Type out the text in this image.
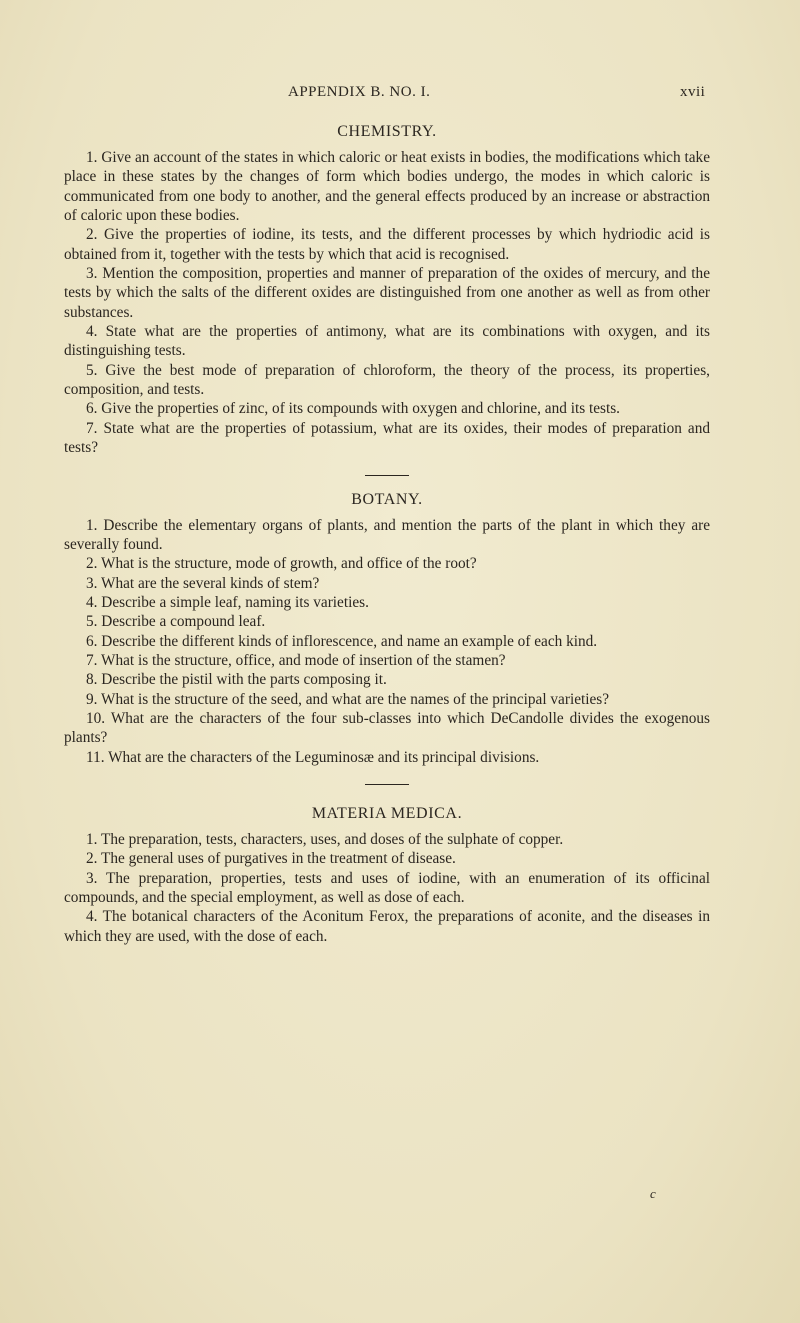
APPENDIX B. NO. I.	xvii
CHEMISTRY.

1. Give an account of the states in which caloric or heat exists in bodies, the modifications which take place in these states by the changes of form which bodies undergo, the modes in which caloric is communicated from one body to another, and the general effects produced by an increase or abstraction of caloric upon these bodies.

2. Give the properties of iodine, its tests, and the different processes by which hydriodic acid is obtained from it, together with the tests by which that acid is recognised.

3. Mention the composition, properties and manner of preparation of the oxides of mercury, and the tests by which the salts of the different oxides are distinguished from one another as well as from other substances.

4. State what are the properties of antimony, what are its combinations with oxygen, and its distinguishing tests.

5. Give the best mode of preparation of chloroform, the theory of the process, its properties, composition, and tests.

6. Give the properties of zinc, of its compounds with oxygen and chlorine, and its tests.

7. State what are the properties of potassium, what are its oxides, their modes of preparation and tests?

BOTANY.

1. Describe the elementary organs of plants, and mention the parts of the plant in which they are severally found.

2. What is the structure, mode of growth, and office of the root?

3. What are the several kinds of stem?

4. Describe a simple leaf, naming its varieties.

5. Describe a compound leaf.

6. Describe the different kinds of inflorescence, and name an example of each kind.

7. What is the structure, office, and mode of insertion of the stamen?

8. Describe the pistil with the parts composing it.

9. What is the structure of the seed, and what are the names of the principal varieties?

10. What are the characters of the four sub-classes into which DeCandolle divides the exogenous plants?

11. What are the characters of the Leguminosæ and its principal divisions.

MATERIA MEDICA.

1. The preparation, tests, characters, uses, and doses of the sulphate of copper.

2. The general uses of purgatives in the treatment of disease.

3. The preparation, properties, tests and uses of iodine, with an enumeration of its officinal compounds, and the special employment, as well as dose of each.

4. The botanical characters of the Aconitum Ferox, the preparations of aconite, and the diseases in which they are used, with the dose of each.

c
